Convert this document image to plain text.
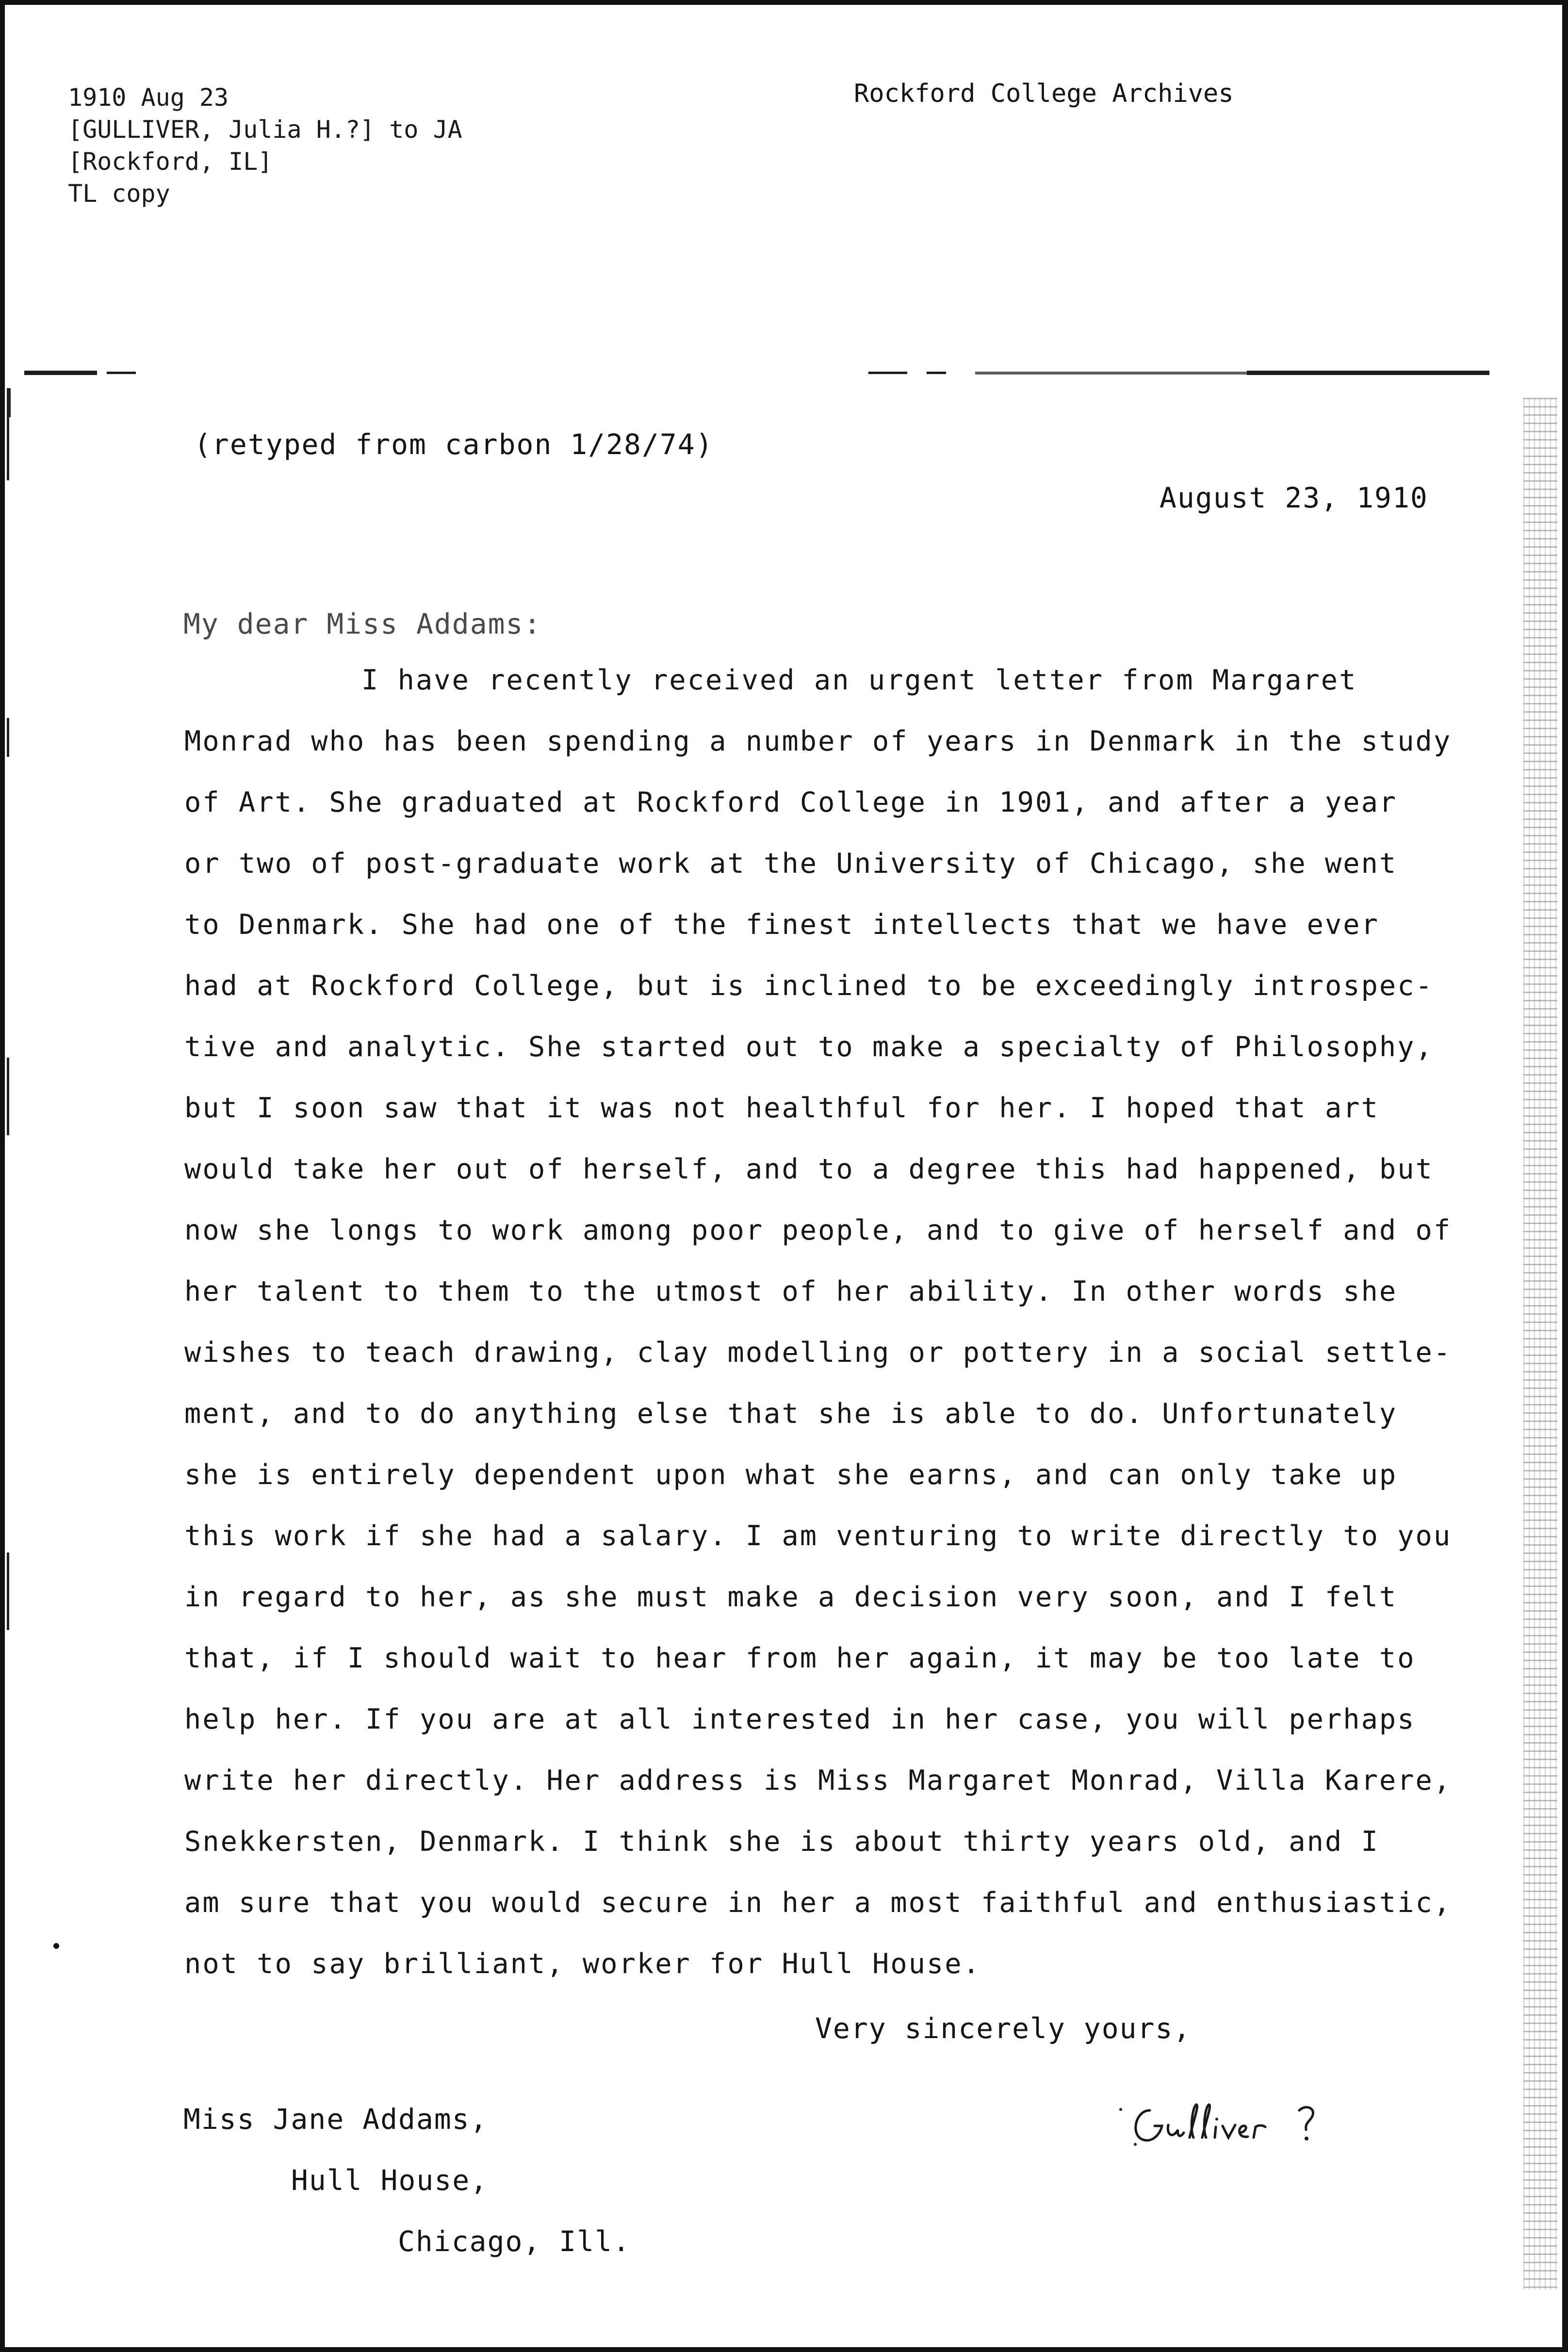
1910 Aug 23
[GULLIVER, Julia H.?] to JA
[Rockford, IL]
TL copy
Rockford College Archives
(retyped from carbon 1/28/74)
August 23, 1910
My dear Miss Addams:
I have recently received an urgent letter from Margaret
Monrad who has been spending a number of years in Denmark in the study
of Art. She graduated at Rockford College in 1901, and after a year
or two of post-graduate work at the University of Chicago, she went
to Denmark. She had one of the finest intellects that we have ever
had at Rockford College, but is inclined to be exceedingly introspec-
tive and analytic. She started out to make a specialty of Philosophy,
but I soon saw that it was not healthful for her. I hoped that art
would take her out of herself, and to a degree this had happened, but
now she longs to work among poor people, and to give of herself and of
her talent to them to the utmost of her ability. In other words she
wishes to teach drawing, clay modelling or pottery in a social settle-
ment, and to do anything else that she is able to do. Unfortunately
she is entirely dependent upon what she earns, and can only take up
this work if she had a salary. I am venturing to write directly to you
in regard to her, as she must make a decision very soon, and I felt
that, if I should wait to hear from her again, it may be too late to
help her. If you are at all interested in her case, you will perhaps
write her directly. Her address is Miss Margaret Monrad, Villa Karere,
Snekkersten, Denmark. I think she is about thirty years old, and I
am sure that you would secure in her a most faithful and enthusiastic,
not to say brilliant, worker for Hull House.
Very sincerely yours,
Miss Jane Addams,
Hull House,
Chicago, Ill.
